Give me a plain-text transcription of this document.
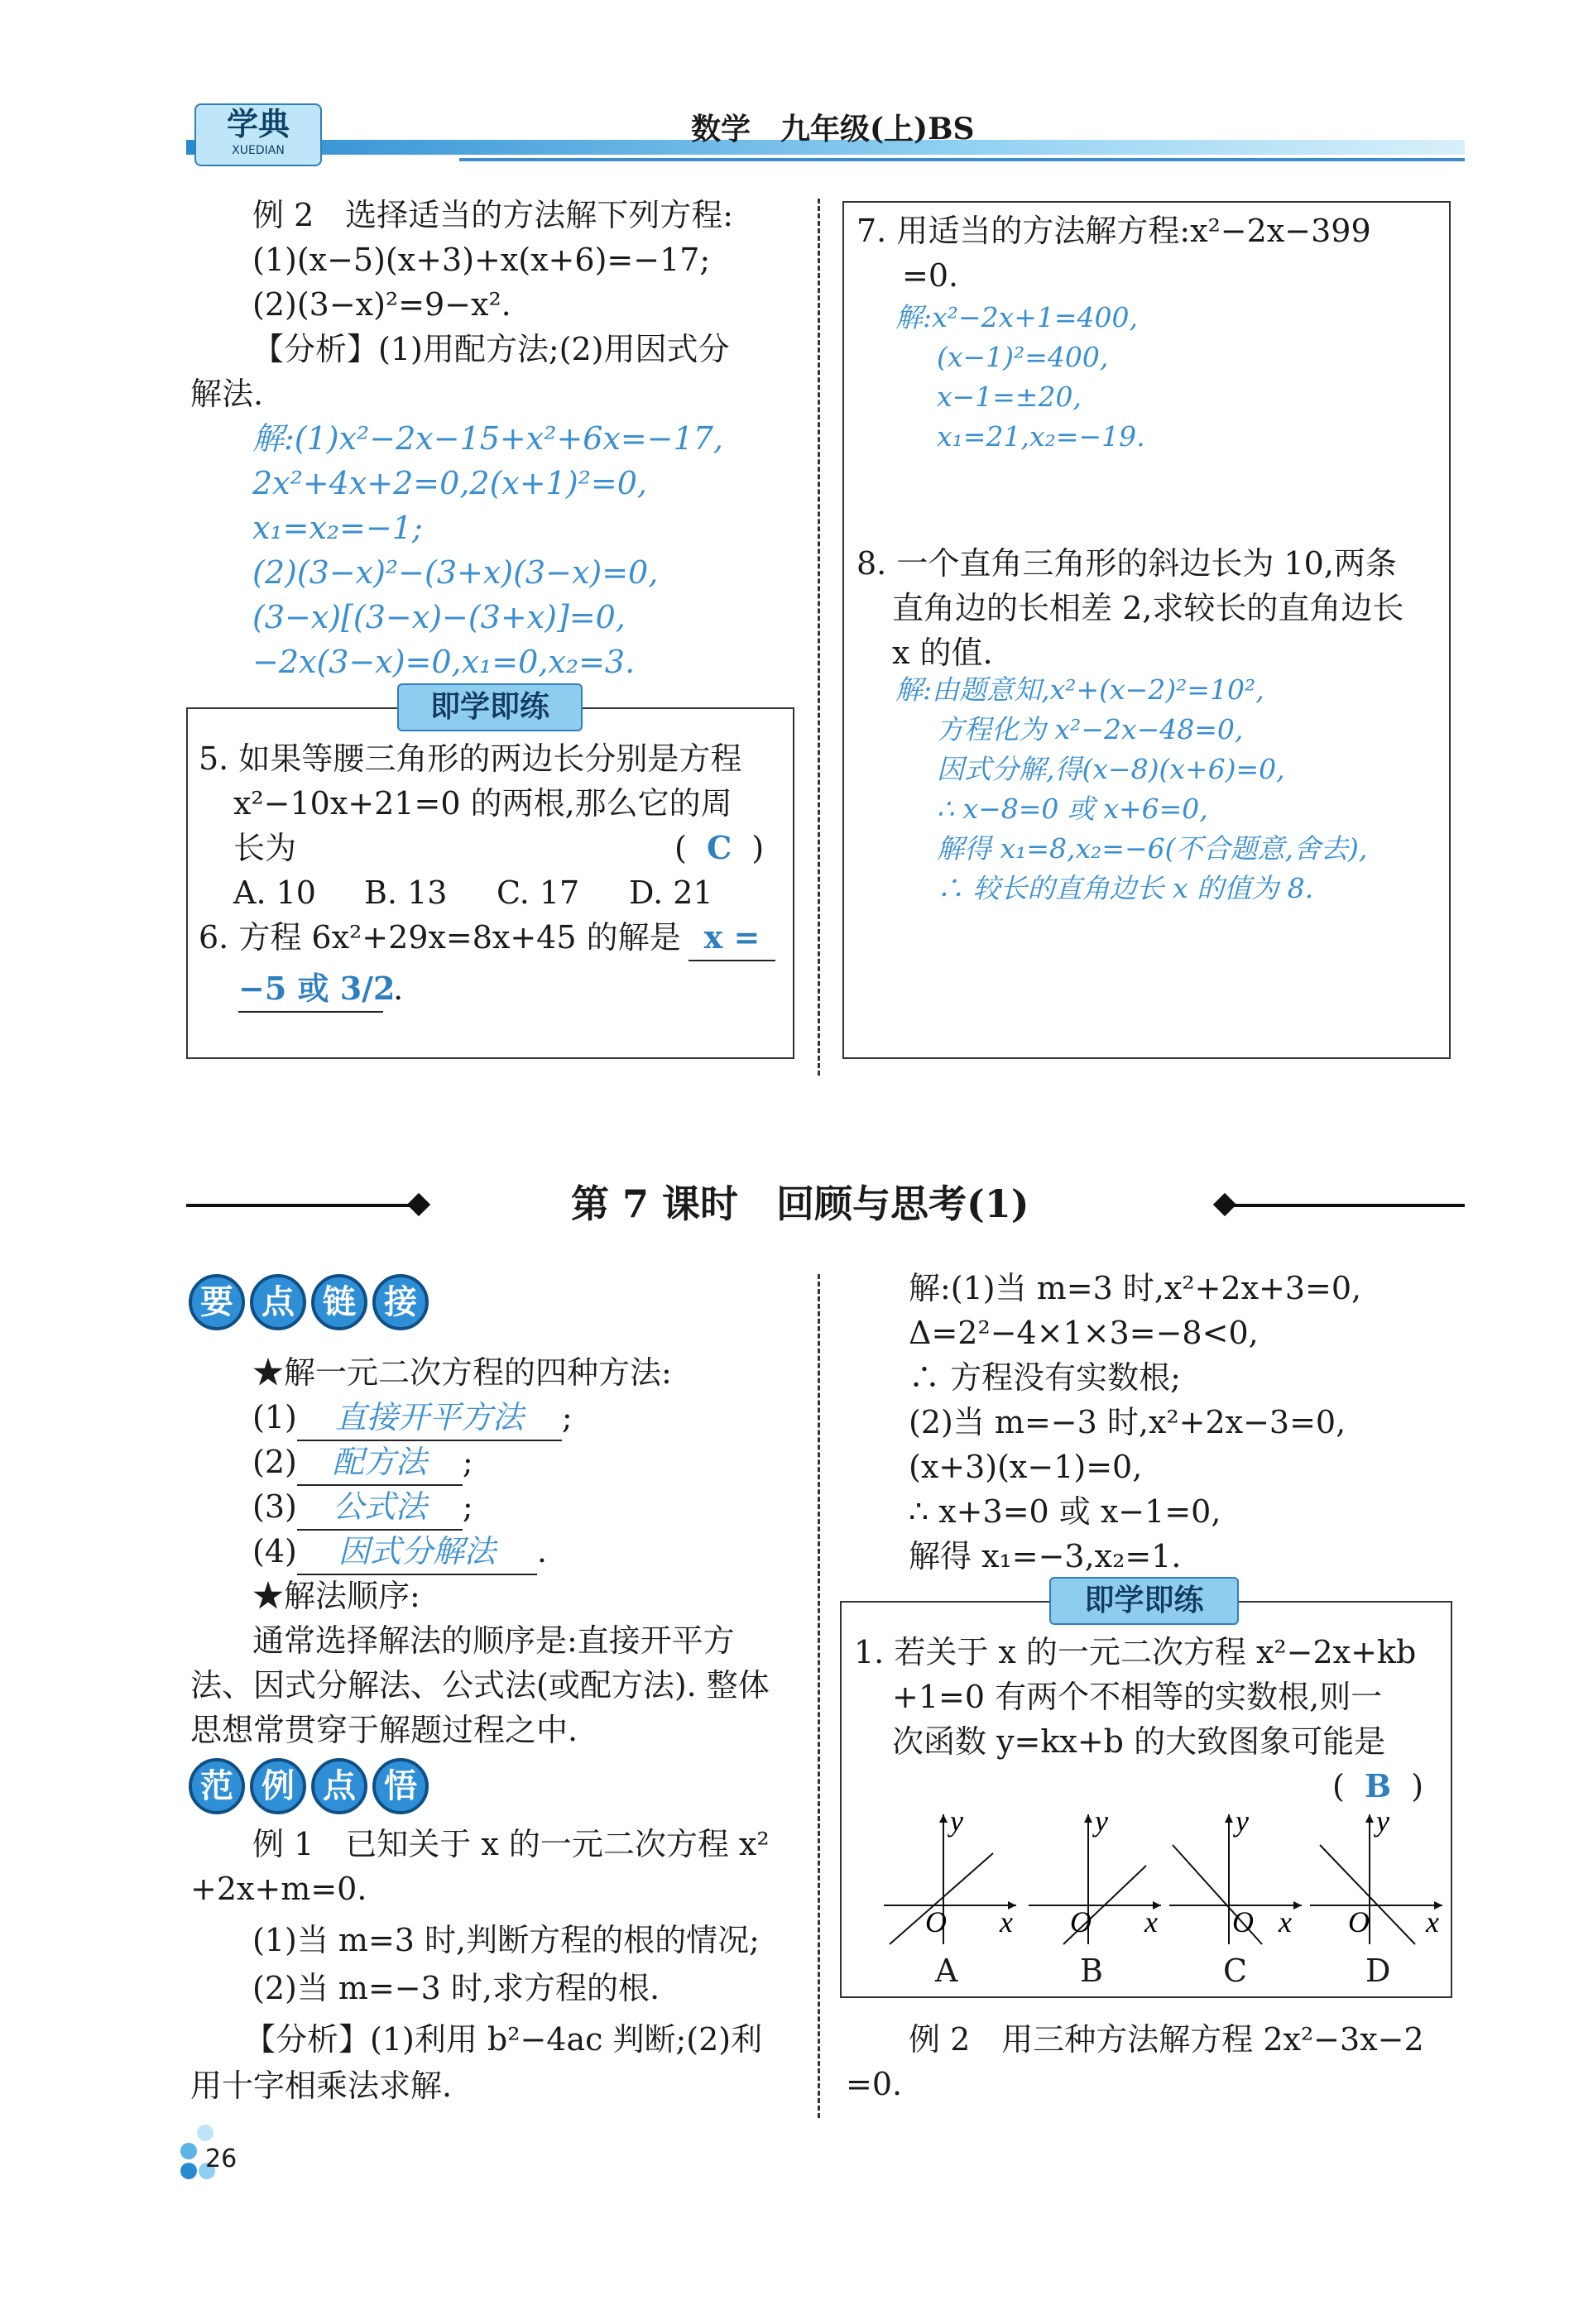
学典
XUEDIAN
数学　九年级(上)BS
例 2　选择适当的方法解下列方程:
(1)(x−5)(x+3)+x(x+6)=−17;
(2)(3−x)²=9−x².
【分析】(1)用配方法;(2)用因式分
解法.
解:(1)x²−2x−15+x²+6x=−17,
2x²+4x+2=0,2(x+1)²=0,
x₁=x₂=−1;
(2)(3−x)²−(3+x)(3−x)=0,
(3−x)[(3−x)−(3+x)]=0,
−2x(3−x)=0,x₁=0,x₂=3.
即学即练
5. 如果等腰三角形的两边长分别是方程
x²−10x+21=0 的两根,那么它的周
长为	(  C  )
A. 10 B. 13 C. 17 D. 21
6. 方程 6x²+29x=8x+45 的解是 x =
−5 或 3/2 .
7. 用适当的方法解方程:x²−2x−399
=0.
解:x²−2x+1=400,
(x−1)²=400,
x−1=±20,
x₁=21,x₂=−19.
8. 一个直角三角形的斜边长为 10,两条
直角边的长相差 2,求较长的直角边长
x 的值.
解:由题意知,x²+(x−2)²=10²,
方程化为 x²−2x−48=0,
因式分解,得(x−8)(x+6)=0,
∴ x−8=0 或 x+6=0,
解得 x₁=8,x₂=−6(不合题意,舍去),
∴ 较长的直角边长 x 的值为 8.
第 7 课时　回顾与思考(1)
要 点 链 接
★解一元二次方程的四种方法:
(1) 直接开平方法 ;
(2) 配方法 ;
(3) 公式法 ;
(4) 因式分解法 .
★解法顺序:
通常选择解法的顺序是:直接开平方
法、因式分解法、公式法(或配方法). 整体
思想常贯穿于解题过程之中.
范 例 点 悟
例 1　已知关于 x 的一元二次方程 x²
+2x+m=0.
(1)当 m=3 时,判断方程的根的情况;
(2)当 m=−3 时,求方程的根.
【分析】(1)利用 b²−4ac 判断;(2)利
用十字相乘法求解.
解:(1)当 m=3 时,x²+2x+3=0,
Δ=2²−4×1×3=−8<0,
∴ 方程没有实数根;
(2)当 m=−3 时,x²+2x−3=0,
(x+3)(x−1)=0,
∴ x+3=0 或 x−1=0,
解得 x₁=−3,x₂=1.
即学即练
1. 若关于 x 的一元二次方程 x²−2x+kb
+1=0 有两个不相等的实数根,则一
次函数 y=kx+b 的大致图象可能是
(  B  )
O x
y
O x
y
O x
y
O x
y
A	B	C	D
例 2　用三种方法解方程 2x²−3x−2
=0.
26
